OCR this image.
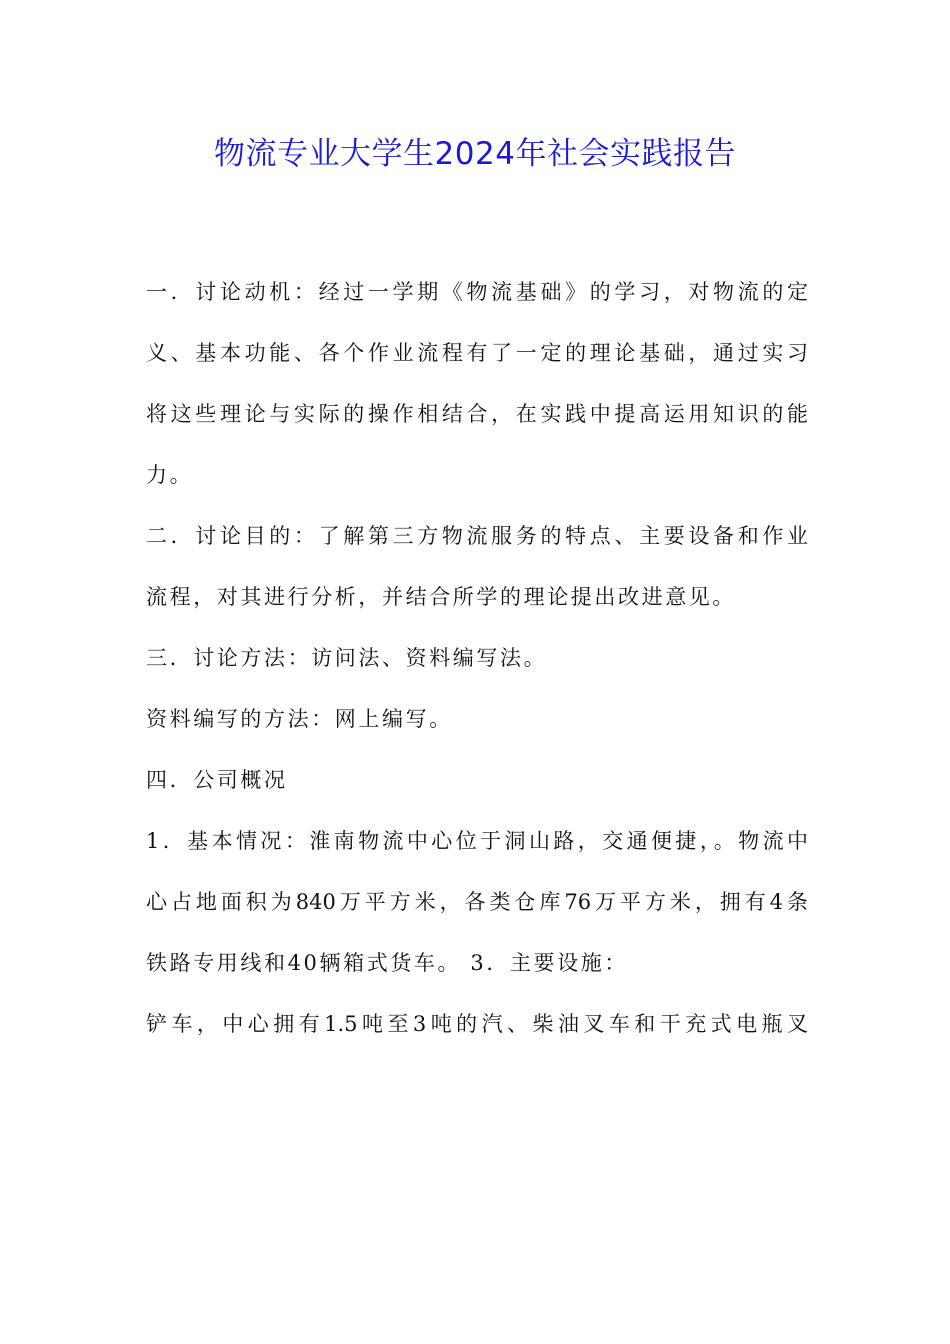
物流专业大学生2024年社会实践报告
一．讨论动机：经过一学期《物流基础》的学习，对物流的定
义、基本功能、各个作业流程有了一定的理论基础，通过实习
将这些理论与实际的操作相结合，在实践中提高运用知识的能
力。
二．讨论目的：了解第三方物流服务的特点、主要设备和作业
流程，对其进行分析，并结合所学的理论提出改进意见。
三．讨论方法：访问法、资料编写法。
资料编写的方法：网上编写。
四．公司概况
1．基本情况：淮南物流中心位于洞山路，交通便捷，。物流中
心占地面积为840万平方米，各类仓库76万平方米，拥有4条
铁路专用线和40辆箱式货车。 3．主要设施：
铲车，中心拥有1.5吨至3吨的汽、柴油叉车和干充式电瓶叉
